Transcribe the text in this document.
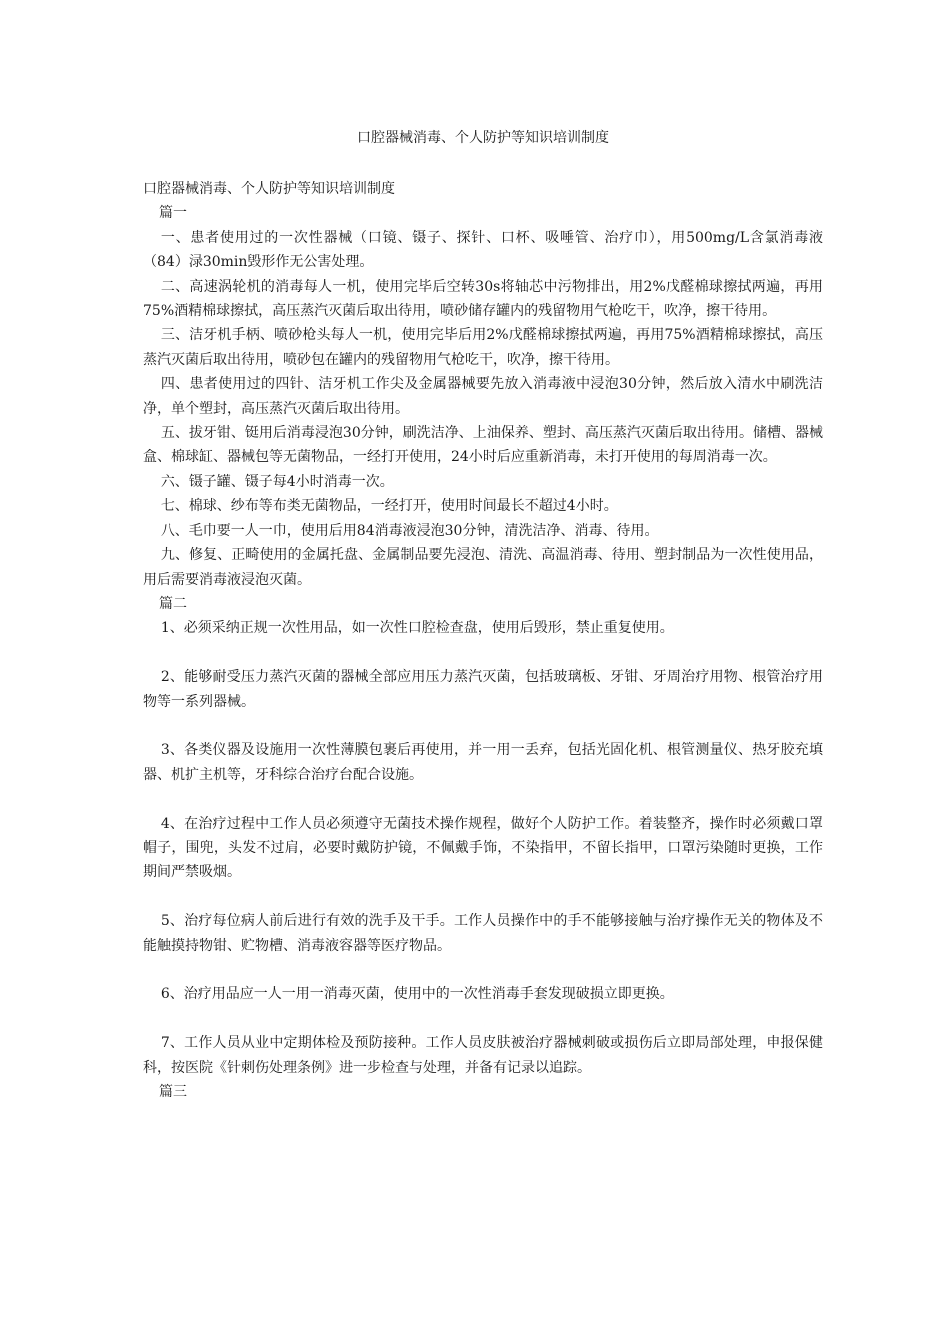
口腔器械消毒、个人防护等知识培训制度

口腔器械消毒、个人防护等知识培训制度

篇一

一、患者使用过的一次性器械（口镜、镊子、探针、口杯、吸唾管、治疗巾），用500mg/L含氯消毒液（84）渌30min毁形作无公害处理。

二、高速涡轮机的消毒每人一机，使用完毕后空转30s将轴芯中污物排出，用2%戊醛棉球擦拭两遍，再用75%酒精棉球擦拭，高压蒸汽灭菌后取出待用，喷砂储存罐内的残留物用气枪吃干，吹净，擦干待用。

三、洁牙机手柄、喷砂枪头每人一机，使用完毕后用2%戊醛棉球擦拭两遍，再用75%酒精棉球擦拭，高压蒸汽灭菌后取出待用，喷砂包在罐内的残留物用气枪吃干，吹净，擦干待用。

四、患者使用过的四针、洁牙机工作尖及金属器械要先放入消毒液中浸泡30分钟，然后放入清水中刷洗洁净，单个塑封，高压蒸汽灭菌后取出待用。

五、拔牙钳、铤用后消毒浸泡30分钟，刷洗洁净、上油保养、塑封、高压蒸汽灭菌后取出待用。储槽、器械盒、棉球缸、器械包等无菌物品，一经打开使用，24小时后应重新消毒，未打开使用的每周消毒一次。

六、镊子罐、镊子每4小时消毒一次。

七、棉球、纱布等布类无菌物品，一经打开，使用时间最长不超过4小时。

八、毛巾要一人一巾，使用后用84消毒液浸泡30分钟，清洗洁净、消毒、待用。

九、修复、正畸使用的金属托盘、金属制品要先浸泡、清洗、高温消毒、待用、塑封制品为一次性使用品，用后需要消毒液浸泡灭菌。

篇二

1、必须采纳正规一次性用品，如一次性口腔检查盘，使用后毁形，禁止重复使用。

2、能够耐受压力蒸汽灭菌的器械全部应用压力蒸汽灭菌，包括玻璃板、牙钳、牙周治疗用物、根管治疗用物等一系列器械。

3、各类仪器及设施用一次性薄膜包裹后再使用，并一用一丢弃，包括光固化机、根管测量仪、热牙胶充填器、机扩主机等，牙科综合治疗台配合设施。

4、在治疗过程中工作人员必须遵守无菌技术操作规程，做好个人防护工作。着装整齐，操作时必须戴口罩帽子，围兜，头发不过肩，必要时戴防护镜，不佩戴手饰，不染指甲，不留长指甲，口罩污染随时更换，工作期间严禁吸烟。

5、治疗每位病人前后进行有效的洗手及干手。工作人员操作中的手不能够接触与治疗操作无关的物体及不能触摸持物钳、贮物槽、消毒液容器等医疗物品。

6、治疗用品应一人一用一消毒灭菌，使用中的一次性消毒手套发现破损立即更换。

7、工作人员从业中定期体检及预防接种。工作人员皮肤被治疗器械刺破或损伤后立即局部处理，申报保健科，按医院《针刺伤处理条例》进一步检查与处理，并备有记录以追踪。

篇三
